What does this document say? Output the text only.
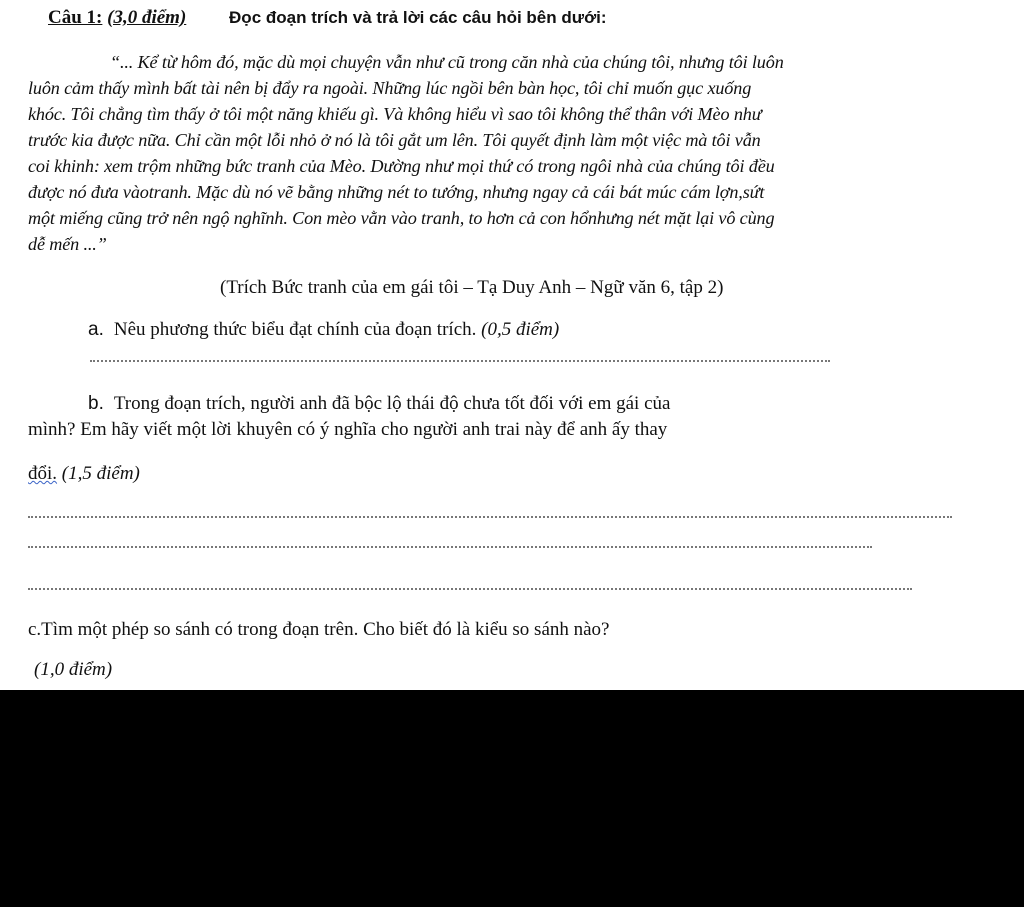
Câu 1: (3,0 điểm)	Đọc đoạn trích và trả lời các câu hỏi bên dưới:
“... Kể từ hôm đó, mặc dù mọi chuyện vẫn như cũ trong căn nhà của chúng tôi, nhưng tôi luôn
luôn cảm thấy mình bất tài nên bị đẩy ra ngoài. Những lúc ngồi bên bàn học, tôi chỉ muốn gục xuống
khóc. Tôi chẳng tìm thấy ở tôi một năng khiếu gì. Và không hiểu vì sao tôi không thể thân với Mèo như
trước kia được nữa. Chỉ cần một lỗi nhỏ ở nó là tôi gắt um lên. Tôi quyết định làm một việc mà tôi vẫn
coi khinh: xem trộm những bức tranh của Mèo. Dường như mọi thứ có trong ngôi nhà của chúng tôi đều
được nó đưa vàotranh. Mặc dù nó vẽ bằng những nét to tướng, nhưng ngay cả cái bát múc cám lợn,sứt
một miếng cũng trở nên ngộ nghĩnh. Con mèo vằn vào tranh, to hơn cả con hổnhưng nét mặt lại vô cùng
dễ mến ...”
(Trích Bức tranh của em gái tôi – Tạ Duy Anh – Ngữ văn 6, tập 2)
a. Nêu phương thức biểu đạt chính của đoạn trích. (0,5 điểm)
b. Trong đoạn trích, người anh đã bộc lộ thái độ chưa tốt đối với em gái của
mình? Em hãy viết một lời khuyên có ý nghĩa cho người anh trai này để anh ấy thay
đổi. (1,5 điểm)
c.Tìm một phép so sánh có trong đoạn trên. Cho biết đó là kiểu so sánh nào?
(1,0 điểm)
